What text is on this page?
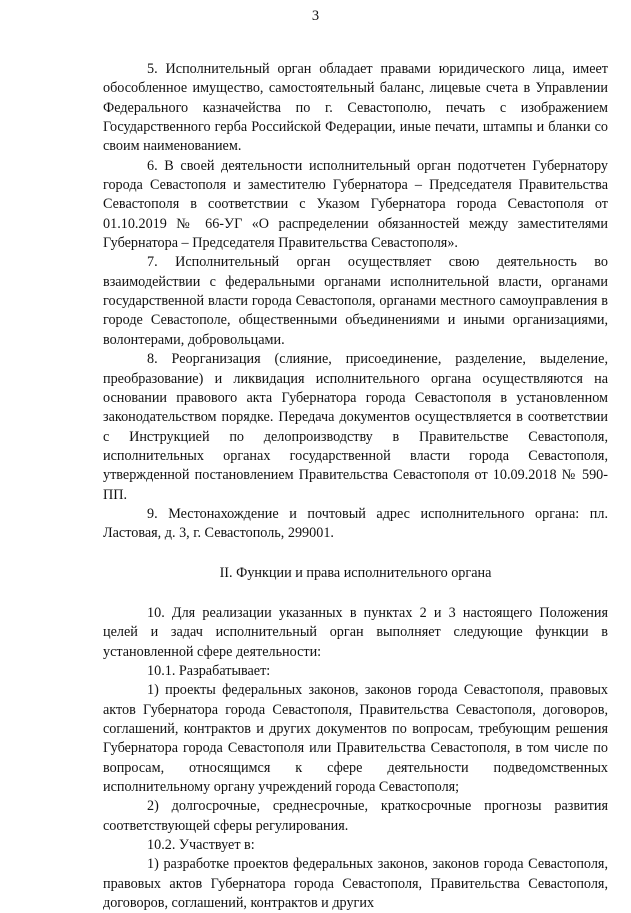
3

5. Исполнительный орган обладает правами юридического лица, имеет обособленное имущество, самостоятельный баланс, лицевые счета в Управлении Федерального казначейства по г. Севастополю, печать с изображением Государственного герба Российской Федерации, иные печати, штампы и бланки со своим наименованием.

6. В своей деятельности исполнительный орган подотчетен Губернатору города Севастополя и заместителю Губернатора – Председателя Правительства Севастополя в соответствии с Указом Губернатора города Севастополя от 01.10.2019 № 66-УГ «О распределении обязанностей между заместителями Губернатора – Председателя Правительства Севастополя».

7. Исполнительный орган осуществляет свою деятельность во взаимодействии с федеральными органами исполнительной власти, органами государственной власти города Севастополя, органами местного самоуправления в городе Севастополе, общественными объединениями и иными организациями, волонтерами, добровольцами.

8. Реорганизация (слияние, присоединение, разделение, выделение, преобразование) и ликвидация исполнительного органа осуществляются на основании правового акта Губернатора города Севастополя в установленном законодательством порядке. Передача документов осуществляется в соответствии с Инструкцией по делопроизводству в Правительстве Севастополя, исполнительных органах государственной власти города Севастополя, утвержденной постановлением Правительства Севастополя от 10.09.2018 № 590-ПП.

9. Местонахождение и почтовый адрес исполнительного органа: пл. Ластовая, д. 3, г. Севастополь, 299001.

II. Функции и права исполнительного органа

10. Для реализации указанных в пунктах 2 и 3 настоящего Положения целей и задач исполнительный орган выполняет следующие функции в установленной сфере деятельности:

10.1. Разрабатывает:

1) проекты федеральных законов, законов города Севастополя, правовых актов Губернатора города Севастополя, Правительства Севастополя, договоров, соглашений, контрактов и других документов по вопросам, требующим решения Губернатора города Севастополя или Правительства Севастополя, в том числе по вопросам, относящимся к сфере деятельности подведомственных исполнительному органу учреждений города Севастополя;

2) долгосрочные, среднесрочные, краткосрочные прогнозы развития соответствующей сферы регулирования.

10.2. Участвует в:

1) разработке проектов федеральных законов, законов города Севастополя, правовых актов Губернатора города Севастополя, Правительства Севастополя, договоров, соглашений, контрактов и других
